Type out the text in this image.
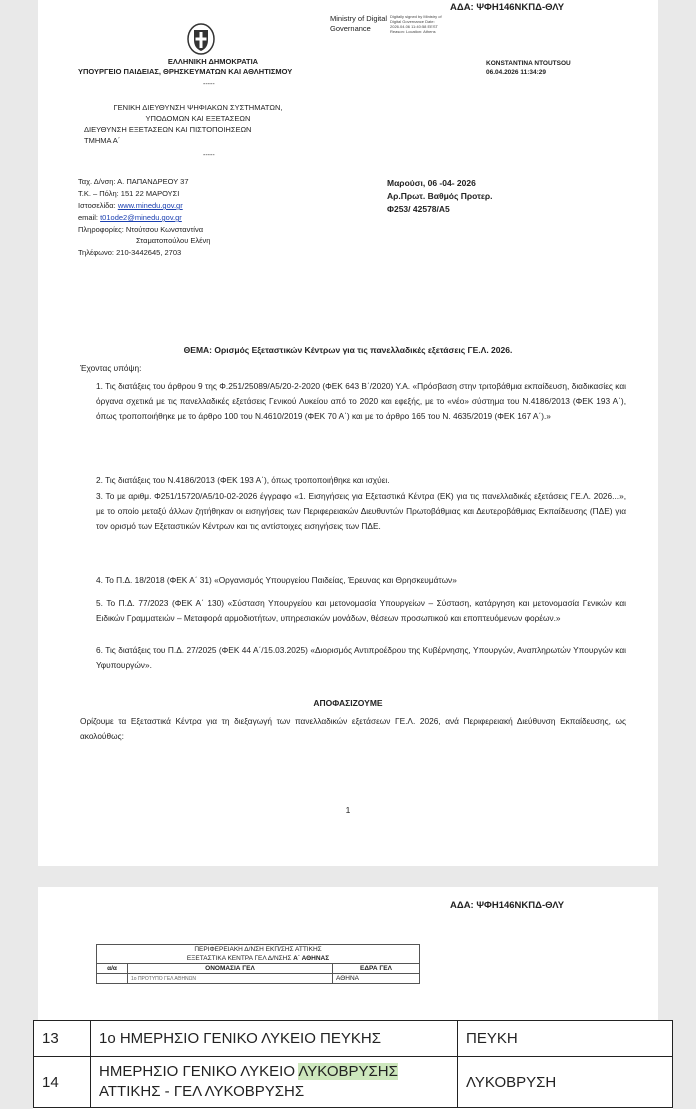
ΑΔΑ: ΨΦΗ146ΝΚΠΔ-ΘΛΥ
Ministry of Digital Governance
Digitally signed by Ministry of Digital Governance Date: 2026.04.06 11:40:58 EEST Reason: Location: Athens
KONSTANTINA NTOUTSOU
06.04.2026 11:34:29
ΕΛΛΗΝΙΚΗ ΔΗΜΟΚΡΑΤΙΑ
ΥΠΟΥΡΓΕΙΟ ΠΑΙΔΕΙΑΣ, ΘΡΗΣΚΕΥΜΑΤΩΝ ΚΑΙ ΑΘΛΗΤΙΣΜΟΥ
-----
ΓΕΝΙΚΗ ΔΙΕΥΘΥΝΣΗ ΨΗΦΙΑΚΩΝ ΣΥΣΤΗΜΑΤΩΝ,
ΥΠΟΔΟΜΩΝ ΚΑΙ ΕΞΕΤΑΣΕΩΝ
ΔΙΕΥΘΥΝΣΗ ΕΞΕΤΑΣΕΩΝ ΚΑΙ ΠΙΣΤΟΠΟΙΗΣΕΩΝ
ΤΜΗΜΑ Α΄
-----
Ταχ. Δ/νση: Α. ΠΑΠΑΝΔΡΕΟΥ 37
Τ.Κ. – Πόλη: 151 22 ΜΑΡΟΥΣΙ
Ιστοσελίδα: www.minedu.gov.gr
email: t01ode2@minedu.gov.gr
Πληροφορίες: Ντούτσου Κωνσταντίνα
Σταματοπούλου Ελένη
Τηλέφωνο: 210-3442645, 2703
Μαρούσι, 06 -04- 2026
Αρ.Πρωτ. Βαθμός Προτερ.
Φ253/ 42578/Α5
ΘΕΜΑ: Ορισμός Εξεταστικών Κέντρων για τις πανελλαδικές εξετάσεις ΓΕ.Λ. 2026.
Έχοντας υπόψη:
1. Τις διατάξεις του άρθρου 9 της Φ.251/25089/Α5/20-2-2020 (ΦΕΚ 643 Β΄/2020) Υ.Α. «Πρόσβαση στην τριτοβάθμια εκπαίδευση, διαδικασίες και όργανα σχετικά με τις πανελλαδικές εξετάσεις Γενικού Λυκείου από το 2020 και εφεξής, με το «νέο» σύστημα του Ν.4186/2013 (ΦΕΚ 193 Α΄), όπως τροποποιήθηκε με το άρθρο 100 του Ν.4610/2019 (ΦΕΚ 70 Α΄) και με το άρθρο 165 του Ν. 4635/2019 (ΦΕΚ 167 Α΄).»
2. Τις διατάξεις του Ν.4186/2013 (ΦΕΚ 193 Α΄), όπως τροποποιήθηκε και ισχύει.
3. Το με αριθμ. Φ251/15720/Α5/10-02-2026 έγγραφο «1. Εισηγήσεις για Εξεταστικά Κέντρα (ΕΚ) για τις πανελλαδικές εξετάσεις ΓΕ.Λ. 2026...», με το οποίο μεταξύ άλλων ζητήθηκαν οι εισηγήσεις των Περιφερειακών Διευθυντών Πρωτοβάθμιας και Δευτεροβάθμιας Εκπαίδευσης (ΠΔΕ) για τον ορισμό των Εξεταστικών Κέντρων και τις αντίστοιχες εισηγήσεις των ΠΔΕ.
4. Το Π.Δ. 18/2018 (ΦΕΚ Α΄ 31) «Οργανισμός Υπουργείου Παιδείας, Έρευνας και Θρησκευμάτων»
5. Το Π.Δ. 77/2023 (ΦΕΚ Α΄ 130) «Σύσταση Υπουργείου και μετονομασία Υπουργείων – Σύσταση, κατάργηση και μετονομασία Γενικών και Ειδικών Γραμματειών – Μεταφορά αρμοδιοτήτων, υπηρεσιακών μονάδων, θέσεων προσωπικού και εποπτευόμενων φορέων.»
6. Τις διατάξεις του Π.Δ. 27/2025 (ΦΕΚ 44 Α΄/15.03.2025) «Διορισμός Αντιπροέδρου της Κυβέρνησης, Υπουργών, Αναπληρωτών Υπουργών και Υφυπουργών».
ΑΠΟΦΑΣΙΖΟΥΜΕ
Ορίζουμε τα Εξεταστικά Κέντρα για τη διεξαγωγή των πανελλαδικών εξετάσεων ΓΕ.Λ. 2026, ανά Περιφερειακή Διεύθυνση Εκπαίδευσης, ως ακολούθως:
1
ΑΔΑ: ΨΦΗ146ΝΚΠΔ-ΘΛΥ
ΠΕΡΙΦΕΡΕΙΑΚΗ Δ/ΝΣΗ ΕΚΠ/ΣΗΣ ΑΤΤΙΚΗΣ		
ΕΞΕΤΑΣΤΙΚΑ ΚΕΝΤΡΑ ΓΕΛ Δ/ΝΣΗΣ Α΄ ΑΘΗΝΑΣ		
α/α	ΟΝΟΜΑΣΙΑ ΓΕΛ	ΕΔΡΑ ΓΕΛ
	1ο ΠΡΟΤΥΠΟ ΓΕΛ ΑΘΗΝΩΝ	ΑΘΗΝΑ
13	1ο ΗΜΕΡΗΣΙΟ ΓΕΝΙΚΟ ΛΥΚΕΙΟ ΠΕΥΚΗΣ	ΠΕΥΚΗ
14	ΗΜΕΡΗΣΙΟ ΓΕΝΙΚΟ ΛΥΚΕΙΟ ΛΥΚΟΒΡΥΣΗΣ
ΑΤΤΙΚΗΣ - ΓΕΛ ΛΥΚΟΒΡΥΣΗΣ	ΛΥΚΟΒΡΥΣΗ
